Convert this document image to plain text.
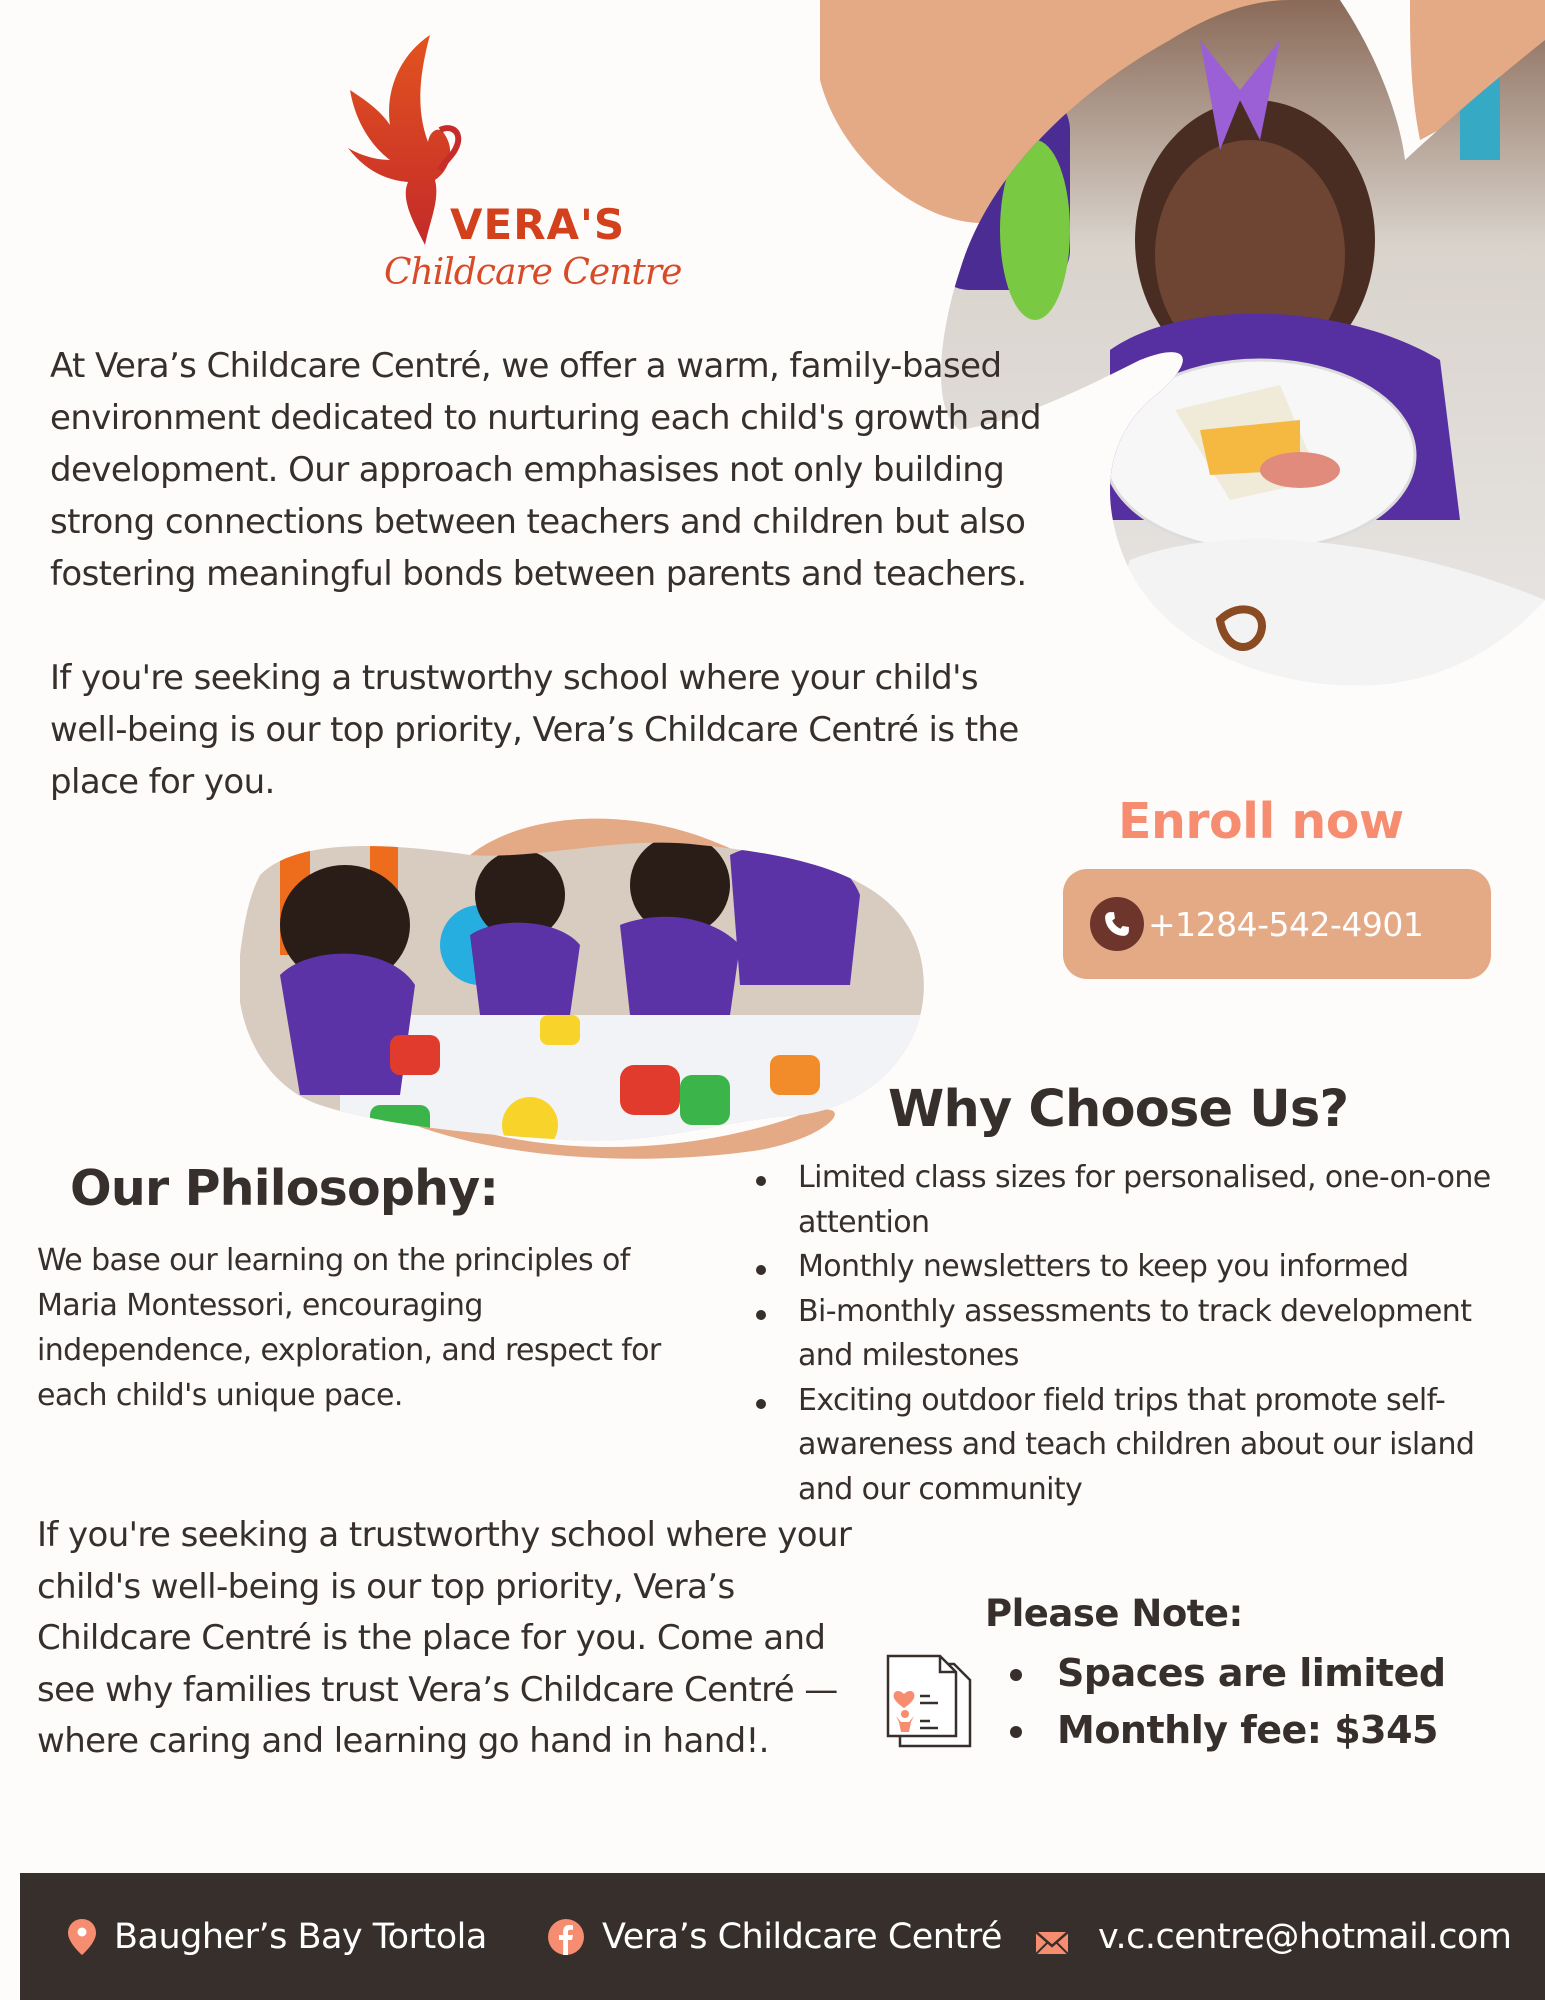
VERA'S
Childcare Centre

At Vera’s Childcare Centré, we offer a warm, family-based environment dedicated to nurturing each child's growth and development. Our approach emphasises not only building strong connections between teachers and children but also fostering meaningful bonds between parents and teachers.

If you're seeking a trustworthy school where your child's well-being is our top priority, Vera’s Childcare Centré is the place for you.

Enroll now
+1284-542-4901
Why Choose Us?
Limited class sizes for personalised, one-on-one attention
Monthly newsletters to keep you informed
Bi-monthly assessments to track development and milestones
Exciting outdoor field trips that promote self-awareness and teach children about our island and our community
Our Philosophy:

We base our learning on the principles of Maria Montessori, encouraging independence, exploration, and respect for each child's unique pace.

If you're seeking a trustworthy school where your child's well-being is our top priority, Vera’s Childcare Centré is the place for you. Come and see why families trust Vera’s Childcare Centré — where caring and learning go hand in hand!.

Please Note:
Spaces are limited
Monthly fee: $345
Baugher’s Bay Tortola	Vera’s Childcare Centré	v.c.centre@hotmail.com
